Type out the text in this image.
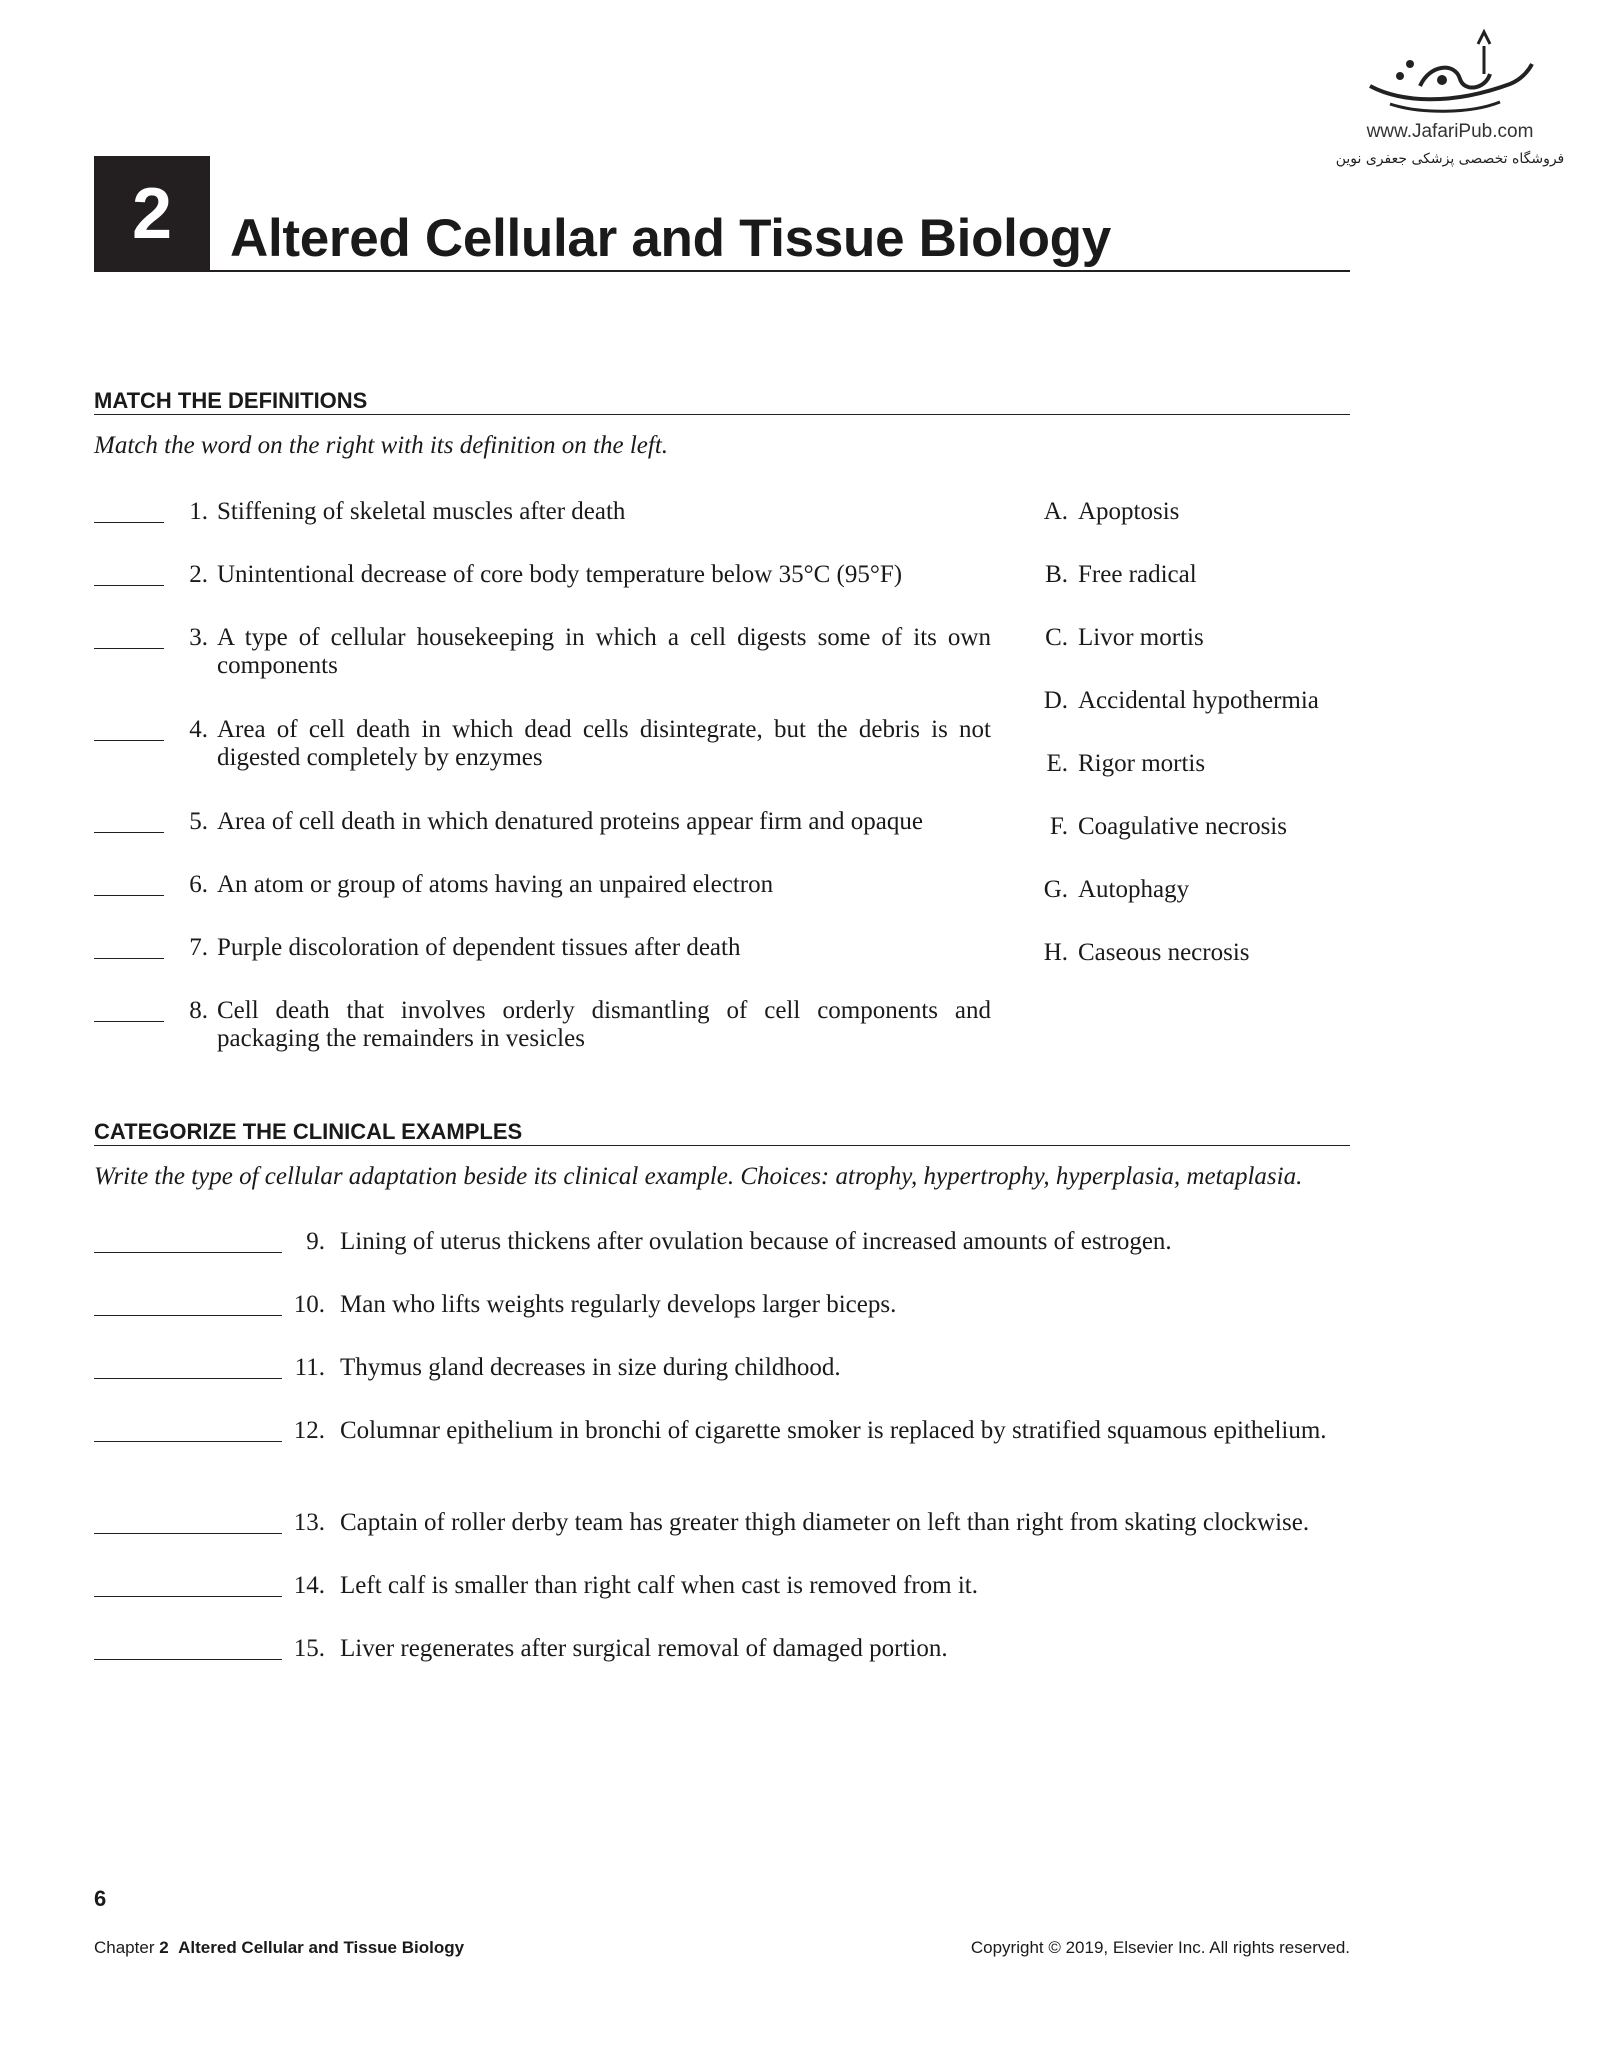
www.JafariPub.com
فروشگاه تخصصی پزشکی جعفری نوین
2	Altered Cellular and Tissue Biology
MATCH THE DEFINITIONS
Match the word on the right with its definition on the left.
1. Stiffening of skeletal muscles after death
2. Unintentional decrease of core body temperature below 35°C (95°F)
3. A type of cellular housekeeping in which a cell digests some of its own components
4. Area of cell death in which dead cells disintegrate, but the debris is not digested completely by enzymes
5. Area of cell death in which denatured proteins appear firm and opaque
6. An atom or group of atoms having an unpaired electron
7. Purple discoloration of dependent tissues after death
8. Cell death that involves orderly dismantling of cell components and packaging the remainders in vesicles
A. Apoptosis
B. Free radical
C. Livor mortis
D. Accidental hypothermia
E. Rigor mortis
F. Coagulative necrosis
G. Autophagy
H. Caseous necrosis
CATEGORIZE THE CLINICAL EXAMPLES
Write the type of cellular adaptation beside its clinical example. Choices: atrophy, hypertrophy, hyperplasia, metaplasia.
9. Lining of uterus thickens after ovulation because of increased amounts of estrogen.
10. Man who lifts weights regularly develops larger biceps.
11. Thymus gland decreases in size during childhood.
12. Columnar epithelium in bronchi of cigarette smoker is replaced by stratified squamous epithelium.
13. Captain of roller derby team has greater thigh diameter on left than right from skating clockwise.
14. Left calf is smaller than right calf when cast is removed from it.
15. Liver regenerates after surgical removal of damaged portion.
6
Chapter 2 Altered Cellular and Tissue Biology	Copyright © 2019, Elsevier Inc. All rights reserved.
